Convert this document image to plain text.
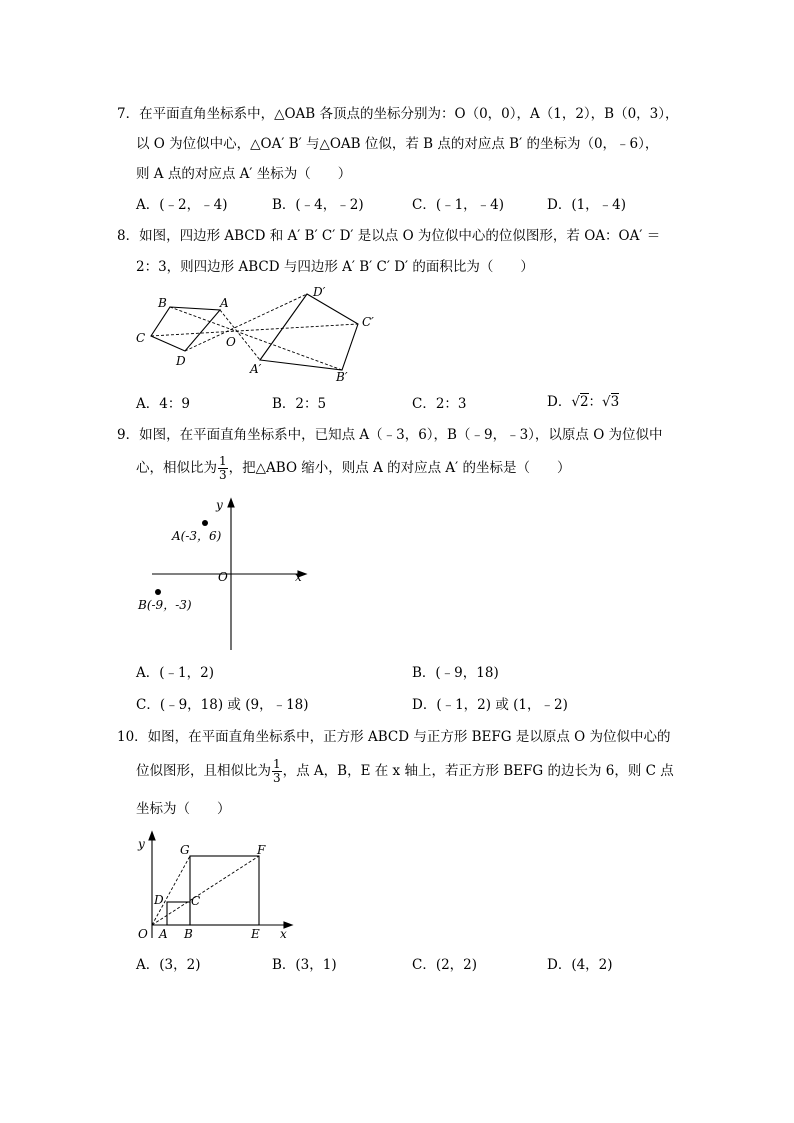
7．在平面直角坐标系中，△OAB 各顶点的坐标分别为：O（0，0），A（1，2），B（0，3），
以 O 为位似中心，△OA′ B′ 与△OAB 位似，若 B 点的对应点 B′ 的坐标为（0，﹣6），
则 A 点的对应点 A′ 坐标为（　　）
A．(﹣2，﹣4)	B．(﹣4，﹣2)	C．(﹣1，﹣4)	D．(1，﹣4)
8．如图，四边形 ABCD 和 A′ B′ C′ D′ 是以点 O 为位似中心的位似图形，若 OA：OA′ ＝
2：3，则四边形 ABCD 与四边形 A′ B′ C′ D′ 的面积比为（　　）
B	A
C
D
O
D′
C′
A′
B′
A．4：9	B．2：5	C．2：3	D．√2：√3
9．如图，在平面直角坐标系中，已知点 A（﹣3，6），B（﹣9，﹣3），以原点 O 为位似中
心，相似比为 $\frac{1}{3}$ ，把△ABO 缩小，则点 A 的对应点 A′ 的坐标是（　　）
y
A(-3，6)
O	x
B(-9，-3)
A．(﹣1，2)	B．(﹣9，18)
C．(﹣9，18) 或 (9，﹣18)	D．(﹣1，2) 或 (1，﹣2)
10．如图，在平面直角坐标系中，正方形 ABCD 与正方形 BEFG 是以原点 O 为位似中心的
位似图形，且相似比为 $\frac{1}{3}$ ，点 A，B，E 在 x 轴上，若正方形 BEFG 的边长为 6，则 C 点
坐标为（　　）
y	G	F
D C
O A B	E x
A．(3，2)	B．(3，1)	C．(2，2)	D．(4，2)
